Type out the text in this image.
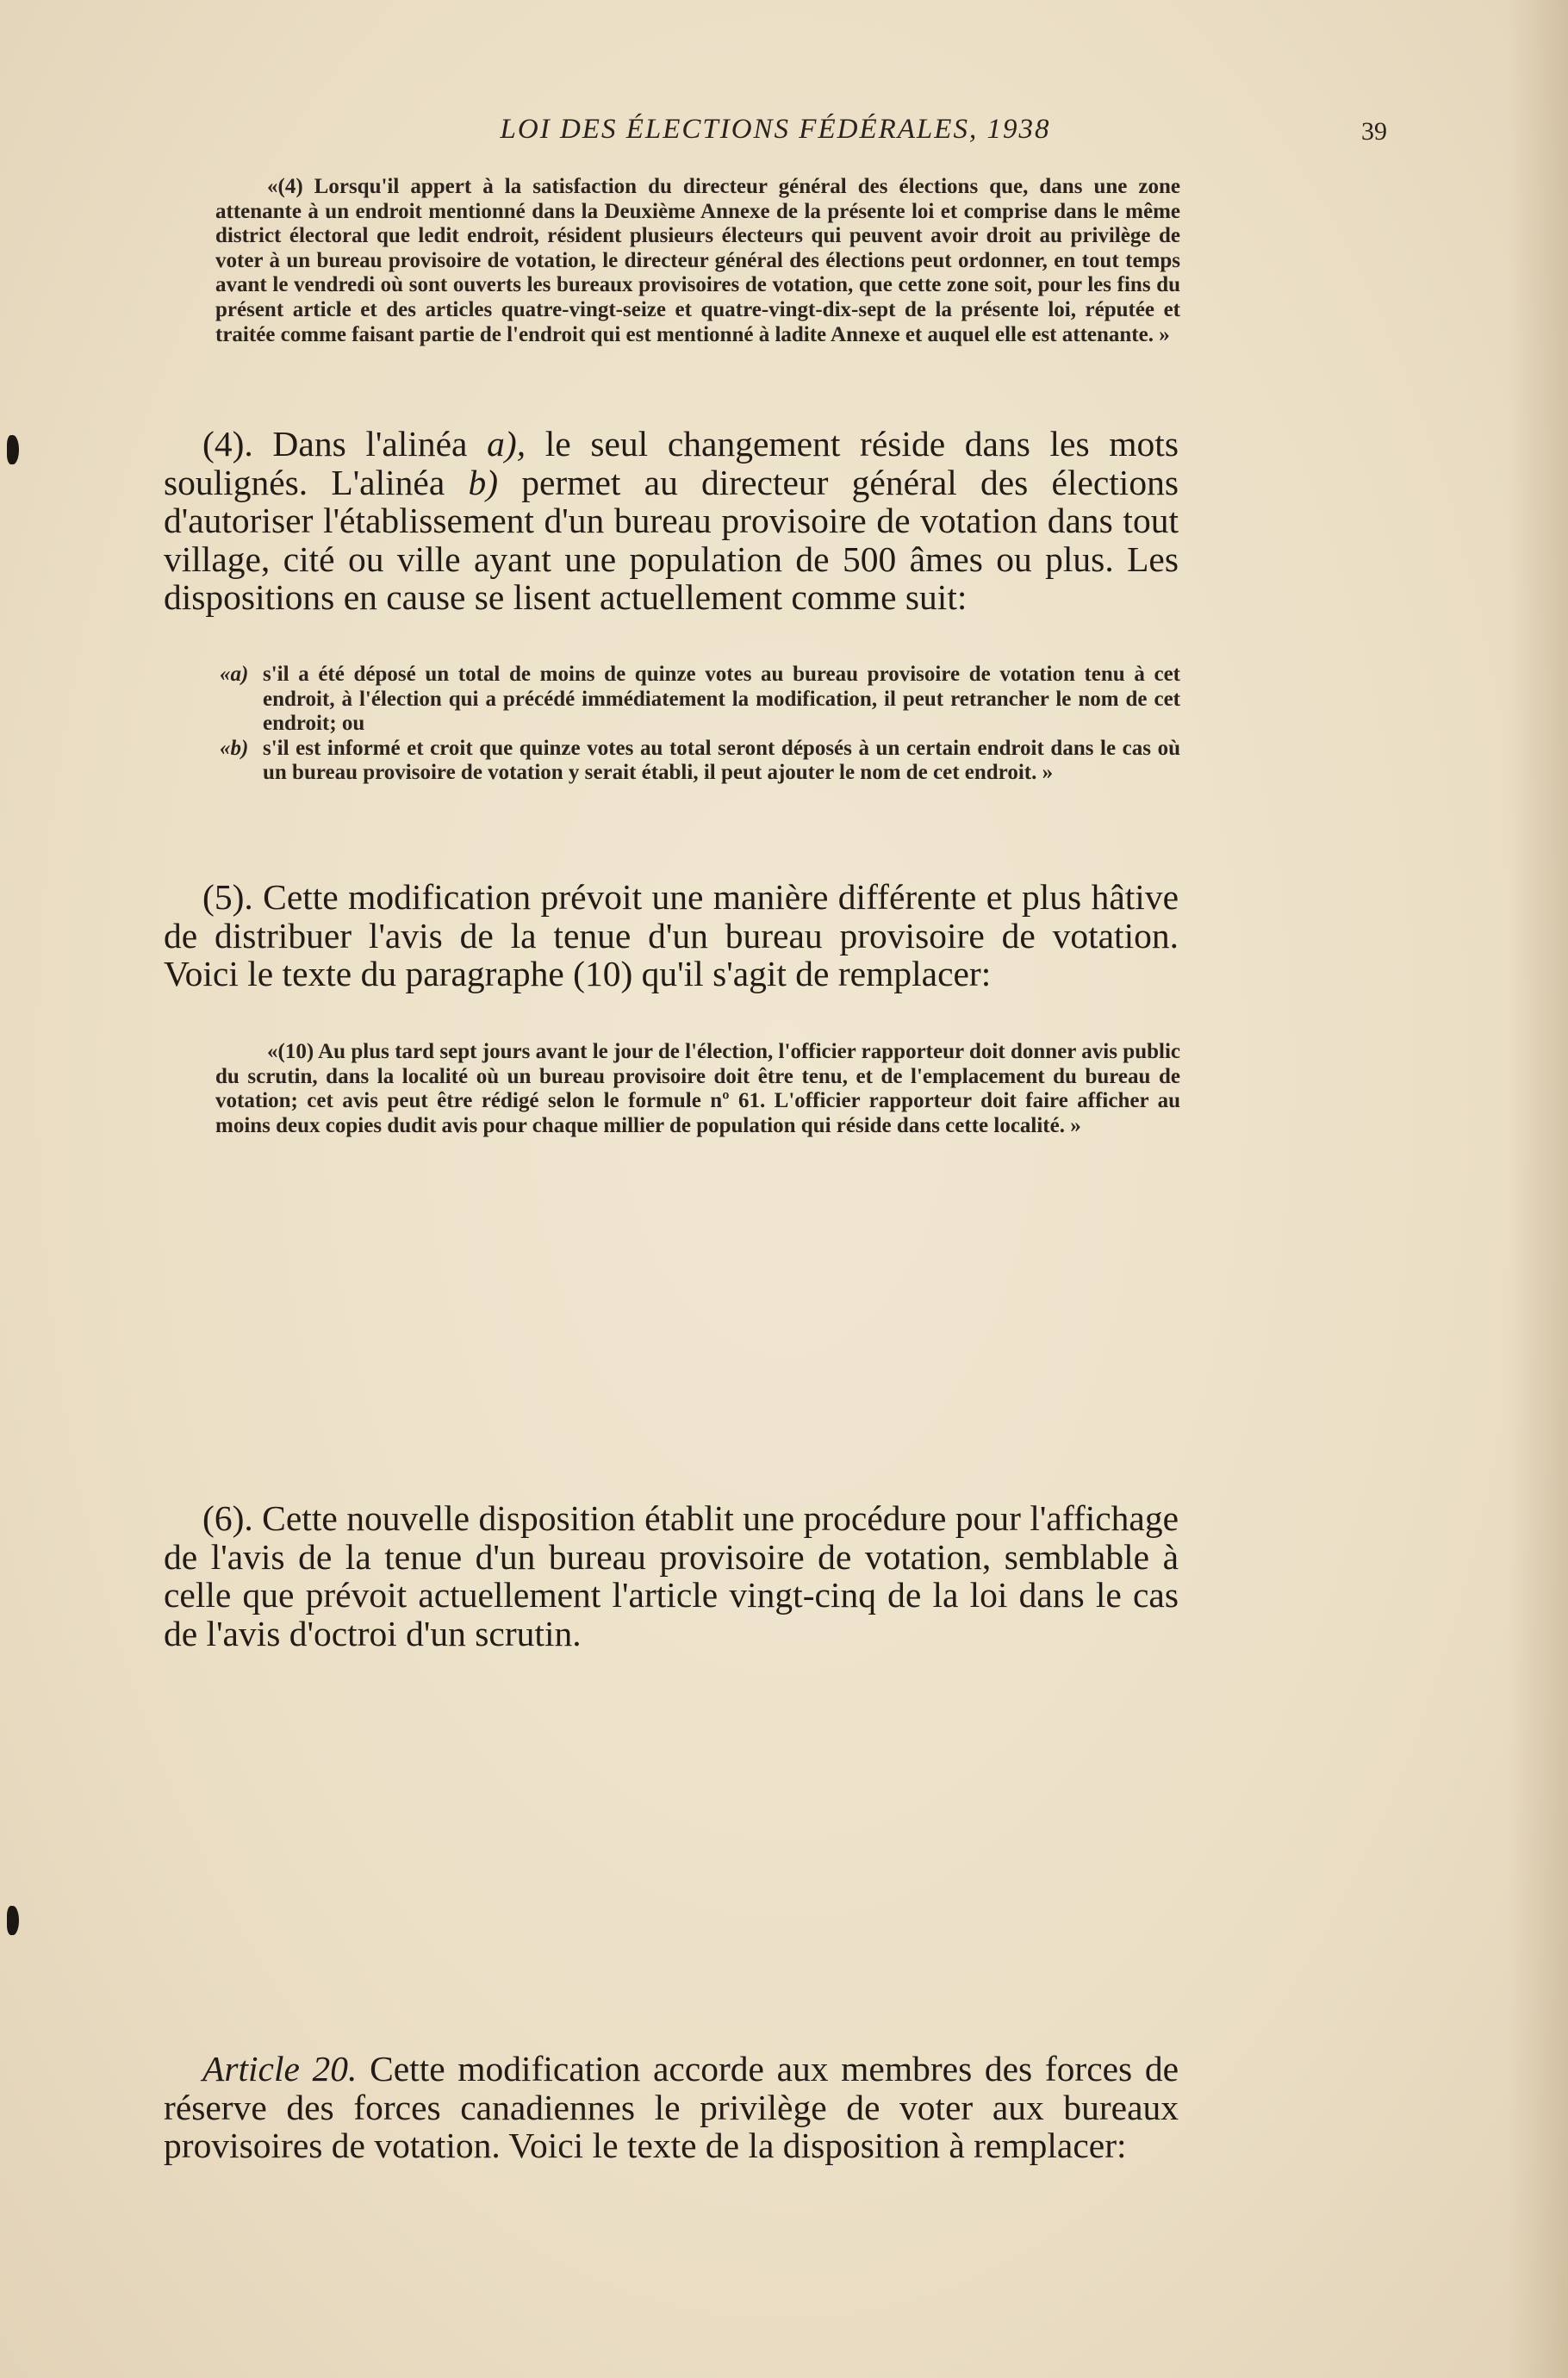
LOI DES ÉLECTIONS FÉDÉRALES, 1938	39

«(4) Lorsqu'il appert à la satisfaction du directeur général des élections que, dans une zone attenante à un endroit mentionné dans la Deuxième Annexe de la présente loi et comprise dans le même district électoral que ledit endroit, résident plusieurs électeurs qui peuvent avoir droit au privilège de voter à un bureau provisoire de votation, le directeur général des élections peut ordonner, en tout temps avant le vendredi où sont ouverts les bureaux provisoires de votation, que cette zone soit, pour les fins du présent article et des articles quatre-vingt-seize et quatre-vingt-dix-sept de la présente loi, réputée et traitée comme faisant partie de l'endroit qui est mentionné à ladite Annexe et auquel elle est attenante. »

(4). Dans l'alinéa a), le seul changement réside dans les mots soulignés. L'alinéa b) permet au directeur général des élections d'autoriser l'établissement d'un bureau provisoire de votation dans tout village, cité ou ville ayant une population de 500 âmes ou plus. Les dispositions en cause se lisent actuellement comme suit:

«a) s'il a été déposé un total de moins de quinze votes au bureau provisoire de votation tenu à cet endroit, à l'élection qui a précédé immédiatement la modification, il peut retrancher le nom de cet endroit; ou
«b) s'il est informé et croit que quinze votes au total seront déposés à un certain endroit dans le cas où un bureau provisoire de votation y serait établi, il peut ajouter le nom de cet endroit. »

(5). Cette modification prévoit une manière différente et plus hâtive de distribuer l'avis de la tenue d'un bureau provisoire de votation. Voici le texte du paragraphe (10) qu'il s'agit de remplacer:

«(10) Au plus tard sept jours avant le jour de l'élection, l'officier rapporteur doit donner avis public du scrutin, dans la localité où un bureau provisoire doit être tenu, et de l'emplacement du bureau de votation; cet avis peut être rédigé selon le formule nº 61. L'officier rapporteur doit faire afficher au moins deux copies dudit avis pour chaque millier de population qui réside dans cette localité. »

(6). Cette nouvelle disposition établit une procédure pour l'affichage de l'avis de la tenue d'un bureau provisoire de votation, semblable à celle que prévoit actuellement l'article vingt-cinq de la loi dans le cas de l'avis d'octroi d'un scrutin.

Article 20. Cette modification accorde aux membres des forces de réserve des forces canadiennes le privilège de voter aux bureaux provisoires de votation. Voici le texte de la disposition à remplacer:
